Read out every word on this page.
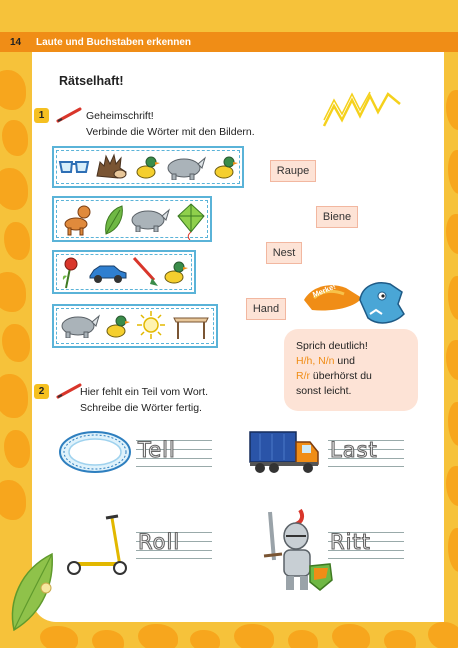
14	Laute und Buchstaben erkennen
Rätselhaft!
1	Geheimschrift!
Verbinde die Wörter mit den Bildern.
Raupe
Biene
Nest
Hand
Merke!
Sprich deutlich!
H/h, N/n und
R/r überhörst du
sonst leicht.
2	Hier fehlt ein Teil vom Wort.
Schreibe die Wörter fertig.
Tell	Last
Roll	Ritt
